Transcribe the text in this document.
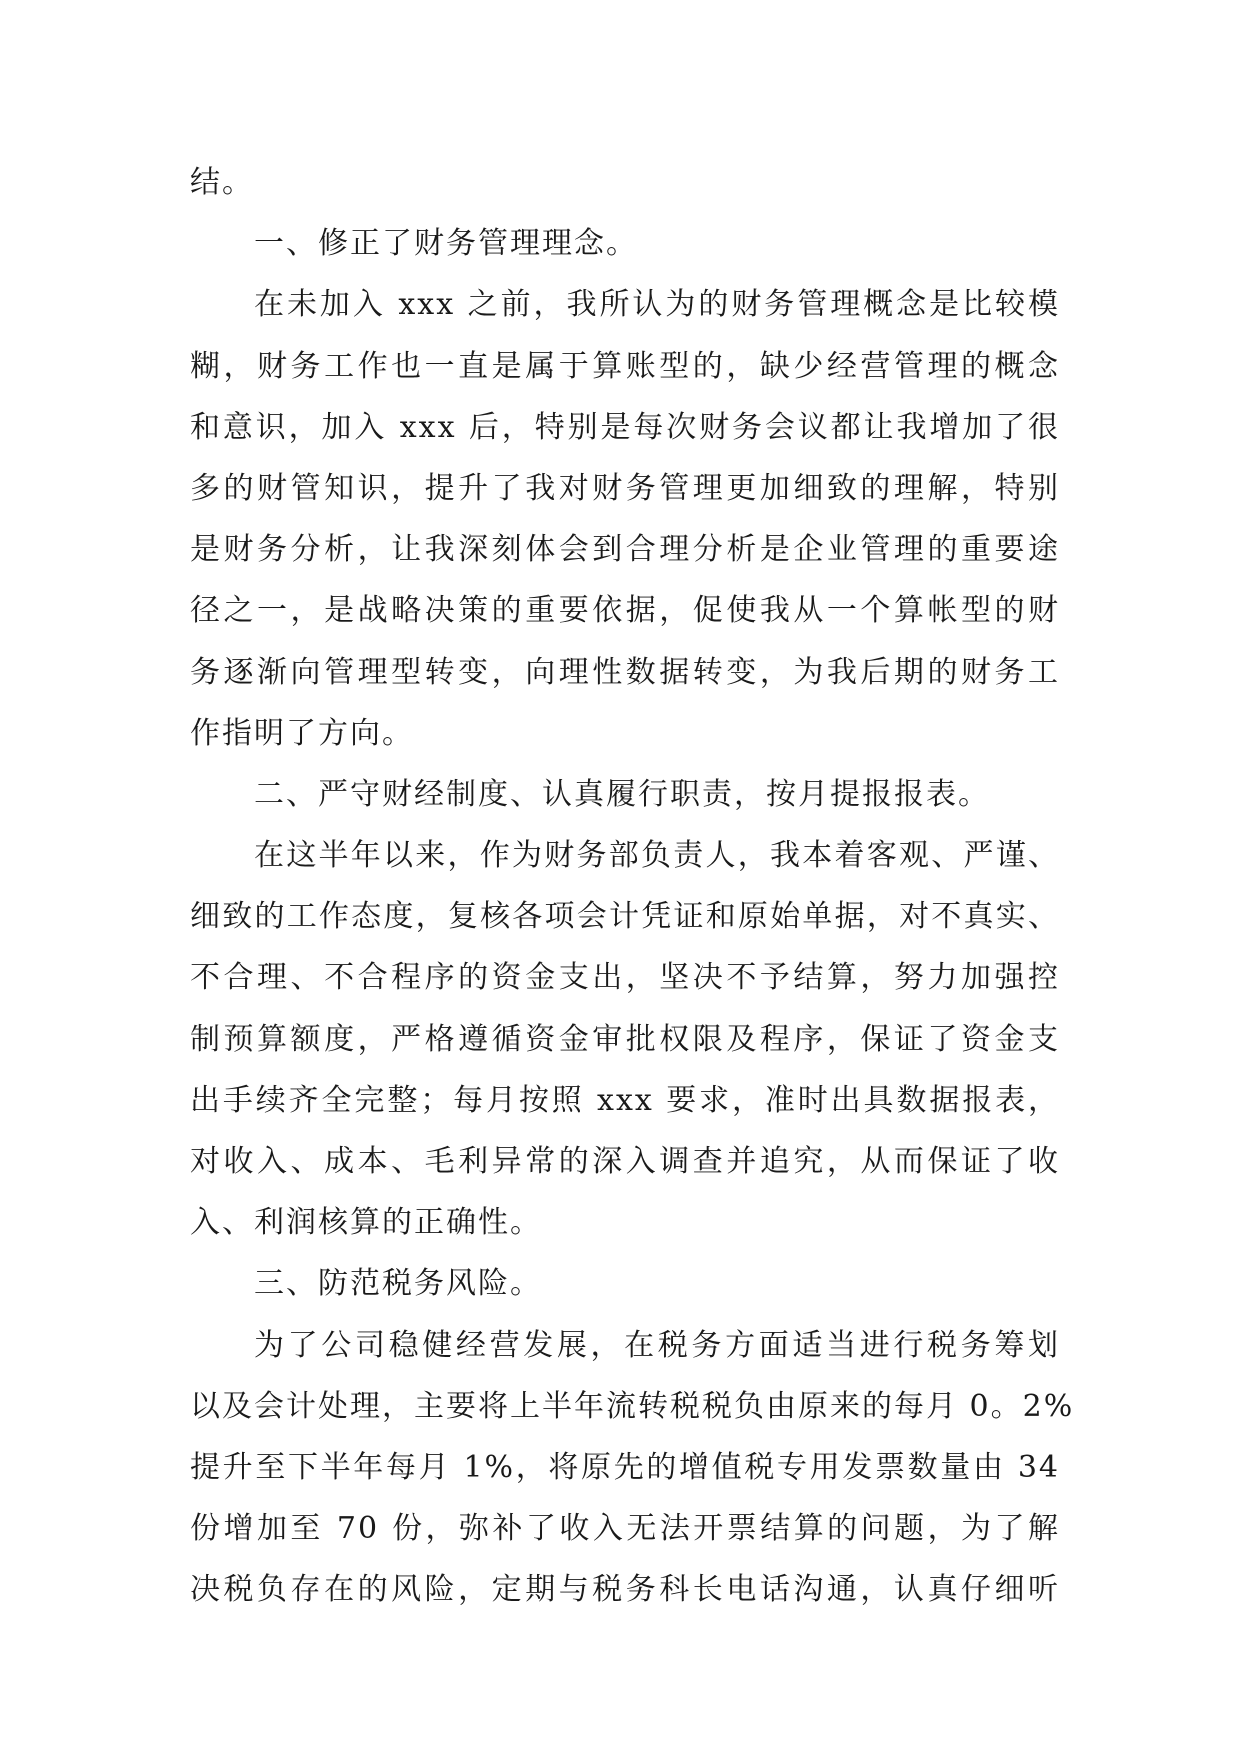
结。
一、修正了财务管理理念。
在未加入 xxx 之前，我所认为的财务管理概念是比较模
糊，财务工作也一直是属于算账型的，缺少经营管理的概念
和意识，加入 xxx 后，特别是每次财务会议都让我增加了很
多的财管知识，提升了我对财务管理更加细致的理解，特别
是财务分析，让我深刻体会到合理分析是企业管理的重要途
径之一，是战略决策的重要依据，促使我从一个算帐型的财
务逐渐向管理型转变，向理性数据转变，为我后期的财务工
作指明了方向。
二、严守财经制度、认真履行职责，按月提报报表。
在这半年以来，作为财务部负责人，我本着客观、严谨、
细致的工作态度，复核各项会计凭证和原始单据，对不真实、
不合理、不合程序的资金支出，坚决不予结算，努力加强控
制预算额度，严格遵循资金审批权限及程序，保证了资金支
出手续齐全完整；每月按照 xxx 要求，准时出具数据报表，
对收入、成本、毛利异常的深入调查并追究，从而保证了收
入、利润核算的正确性。
三、防范税务风险。
为了公司稳健经营发展，在税务方面适当进行税务筹划
以及会计处理，主要将上半年流转税税负由原来的每月 0。2%
提升至下半年每月 1%，将原先的增值税专用发票数量由 34
份增加至 70 份，弥补了收入无法开票结算的问题，为了解
决税负存在的风险，定期与税务科长电话沟通，认真仔细听
